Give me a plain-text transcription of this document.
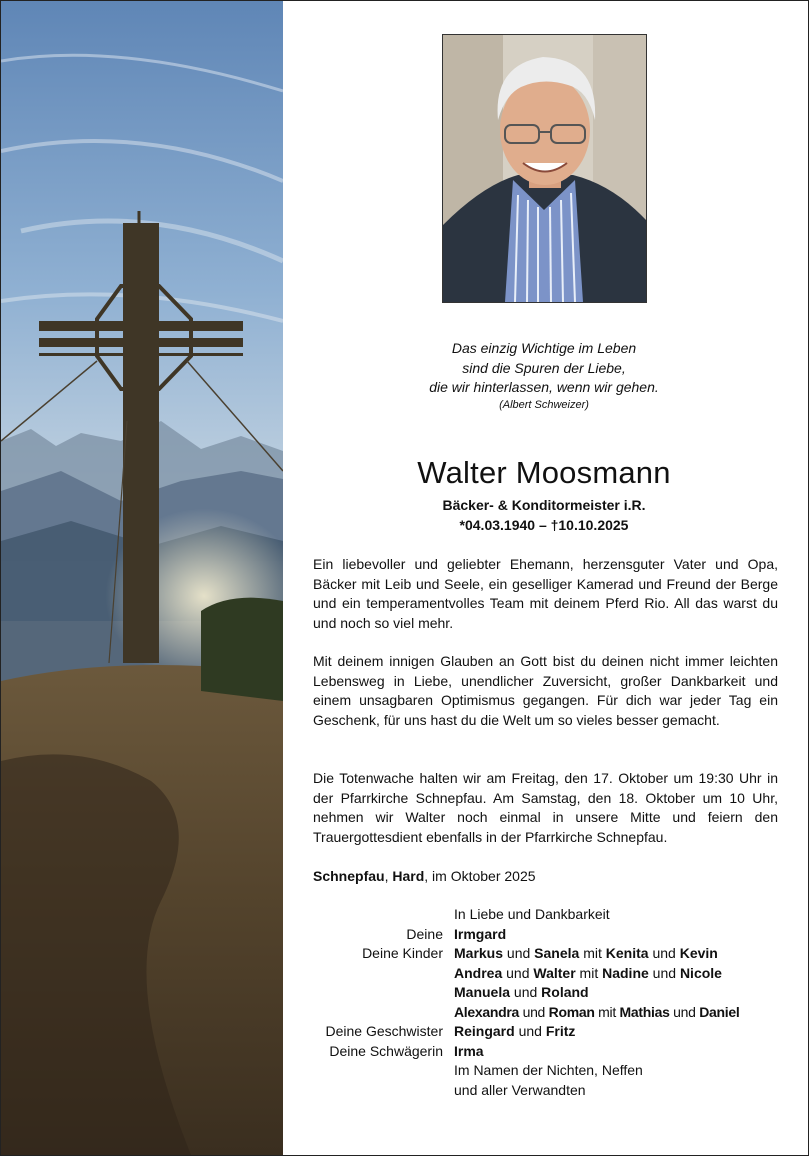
Das einzig Wichtige im Leben
sind die Spuren der Liebe,
die wir hinterlassen, wenn wir gehen.
(Albert Schweizer)
Walter Moosmann
Bäcker- & Konditormeister i.R.
*04.03.1940 – †10.10.2025
Ein liebevoller und geliebter Ehemann, herzensguter Vater und Opa, Bäcker mit Leib und Seele, ein geselliger Kamerad und Freund der Berge und ein temperamentvolles Team mit deinem Pferd Rio. All das warst du und noch so viel mehr.
Mit deinem innigen Glauben an Gott bist du deinen nicht immer leichten Lebensweg in Liebe, unendlicher Zuversicht, großer Dankbarkeit und einem unsagbaren Optimismus gegangen. Für dich war jeder Tag ein Geschenk, für uns hast du die Welt um so vieles besser gemacht.
Die Totenwache halten wir am Freitag, den 17. Oktober um 19:30 Uhr in der Pfarrkirche Schnepfau. Am Samstag, den 18. Oktober um 10 Uhr, nehmen wir Walter noch einmal in unsere Mitte und feiern den Trauergottesdient ebenfalls in der Pfarrkirche Schnepfau.
Schnepfau, Hard, im Oktober 2025
In Liebe und Dankbarkeit
Deine Irmgard
Deine Kinder Markus und Sanela mit Kenita und Kevin
Andrea und Walter mit Nadine und Nicole
Manuela und Roland
Alexandra und Roman mit Mathias und Daniel
Deine Geschwister Reingard und Fritz
Deine Schwägerin Irma
Im Namen der Nichten, Neffen
und aller Verwandten
